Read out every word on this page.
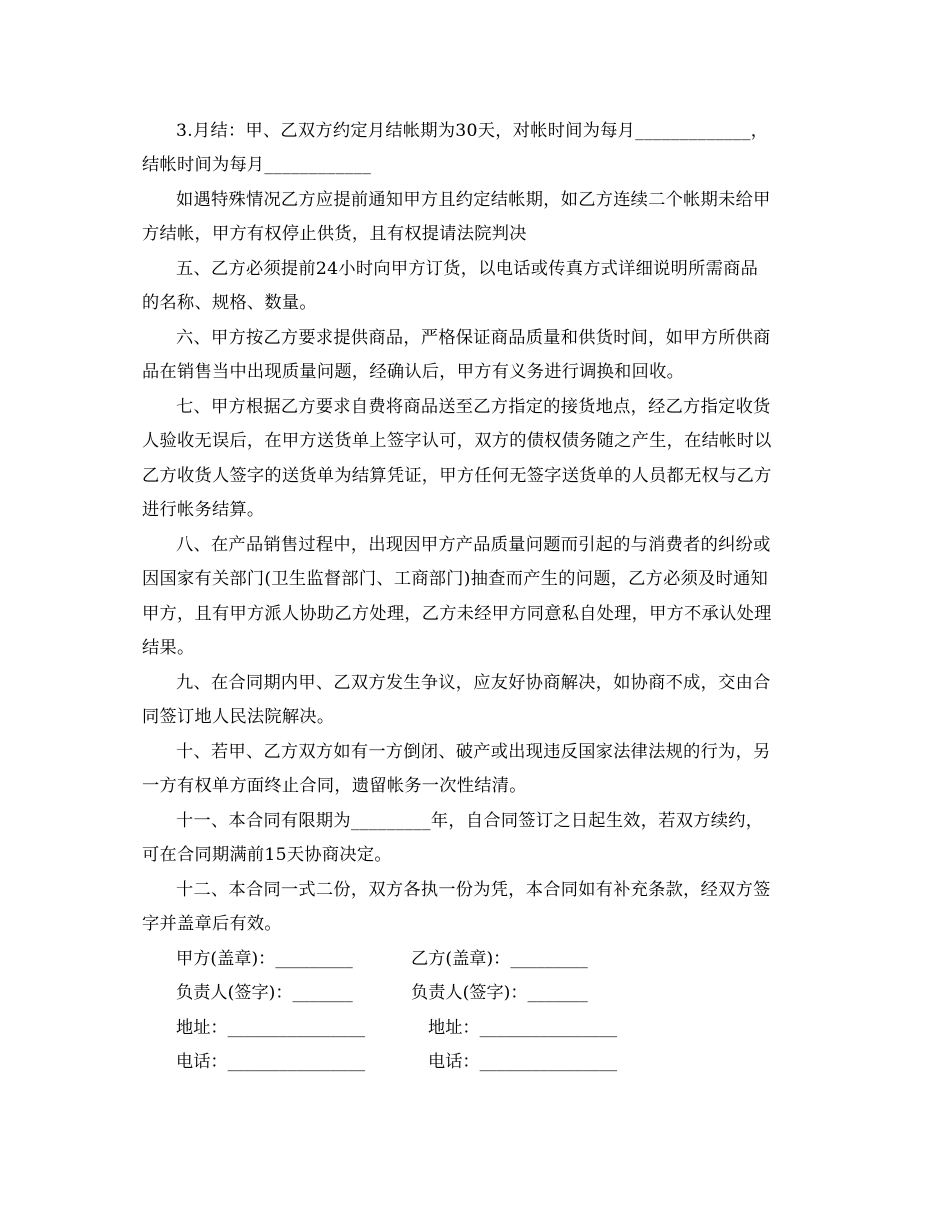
3.月结：甲、乙双方约定月结帐期为30天，对帐时间为每月_____________，
结帐时间为每月____________
如遇特殊情况乙方应提前通知甲方且约定结帐期，如乙方连续二个帐期未给甲
方结帐，甲方有权停止供货，且有权提请法院判决
五、乙方必须提前24小时向甲方订货，以电话或传真方式详细说明所需商品
的名称、规格、数量。
六、甲方按乙方要求提供商品，严格保证商品质量和供货时间，如甲方所供商
品在销售当中出现质量问题，经确认后，甲方有义务进行调换和回收。
七、甲方根据乙方要求自费将商品送至乙方指定的接货地点，经乙方指定收货
人验收无误后，在甲方送货单上签字认可，双方的债权债务随之产生，在结帐时以
乙方收货人签字的送货单为结算凭证，甲方任何无签字送货单的人员都无权与乙方
进行帐务结算。
八、在产品销售过程中，出现因甲方产品质量问题而引起的与消费者的纠纷或
因国家有关部门(卫生监督部门、工商部门)抽查而产生的问题，乙方必须及时通知
甲方，且有甲方派人协助乙方处理，乙方未经甲方同意私自处理，甲方不承认处理
结果。
九、在合同期内甲、乙双方发生争议，应友好协商解决，如协商不成，交由合
同签订地人民法院解决。
十、若甲、乙方双方如有一方倒闭、破产或出现违反国家法律法规的行为，另
一方有权单方面终止合同，遗留帐务一次性结清。
十一、本合同有限期为_________年，自合同签订之日起生效，若双方续约，
可在合同期满前15天协商决定。
十二、本合同一式二份，双方各执一份为凭，本合同如有补充条款，经双方签
字并盖章后有效。
甲方(盖章)：_________	乙方(盖章)：_________
负责人(签字)：_______	负责人(签字)：_______
地址：________________	地址：________________
电话：________________	电话：________________
